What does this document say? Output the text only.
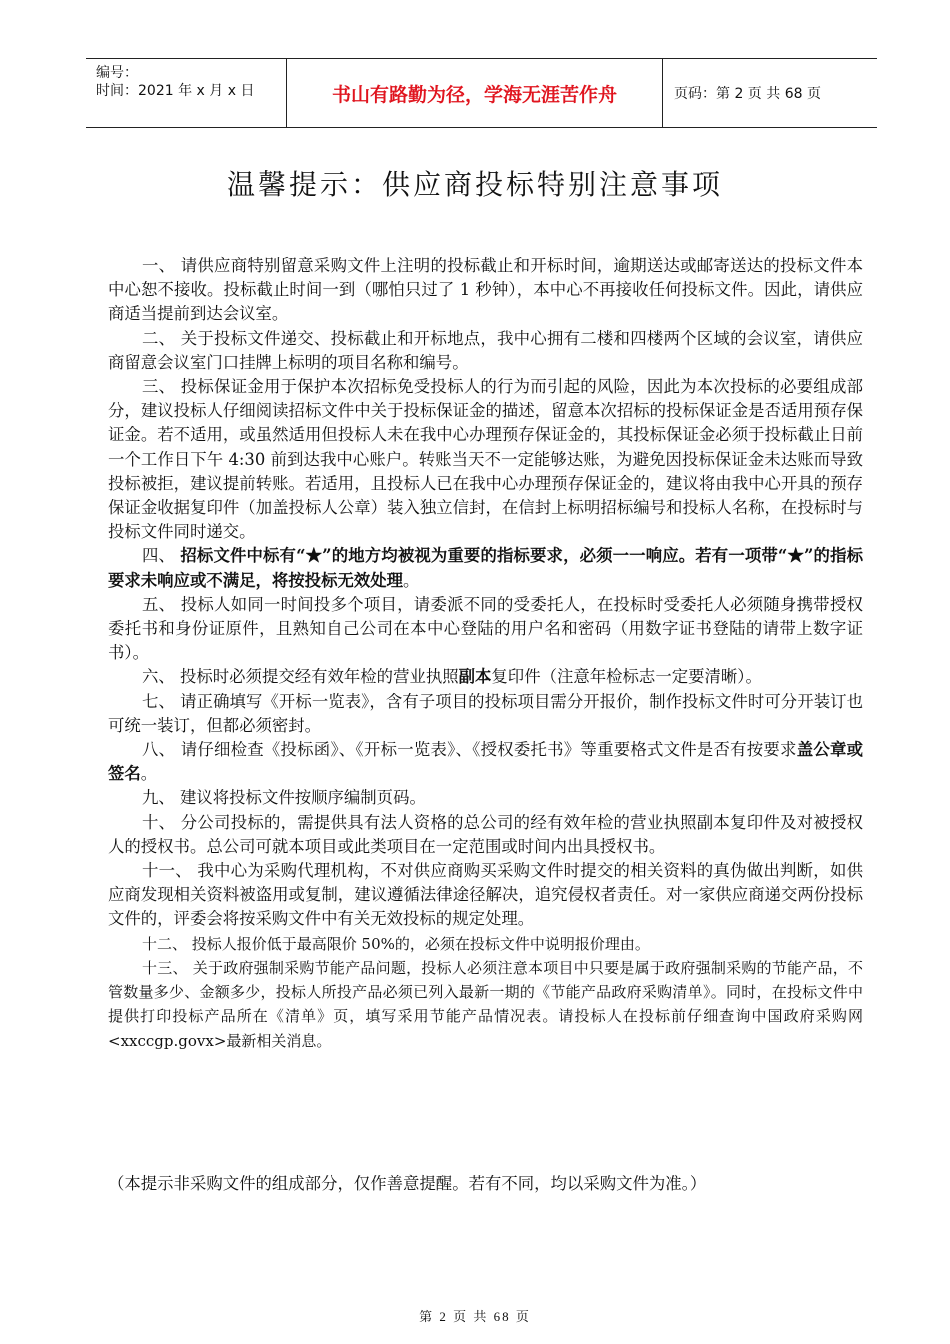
编号：
时间：2021 年 x 月 x 日	书山有路勤为径，学海无涯苦作舟	页码：第 2 页 共 68 页
温馨提示：供应商投标特别注意事项

一、 请供应商特别留意采购文件上注明的投标截止和开标时间，逾期送达或邮寄送达的投标文件本中心恕不接收。投标截止时间一到（哪怕只过了 1 秒钟），本中心不再接收任何投标文件。因此，请供应商适当提前到达会议室。

二、 关于投标文件递交、投标截止和开标地点，我中心拥有二楼和四楼两个区域的会议室，请供应商留意会议室门口挂牌上标明的项目名称和编号。

三、 投标保证金用于保护本次招标免受投标人的行为而引起的风险，因此为本次投标的必要组成部分，建议投标人仔细阅读招标文件中关于投标保证金的描述，留意本次招标的投标保证金是否适用预存保证金。若不适用，或虽然适用但投标人未在我中心办理预存保证金的，其投标保证金必须于投标截止日前一个工作日下午 4:30 前到达我中心账户。转账当天不一定能够达账，为避免因投标保证金未达账而导致投标被拒，建议提前转账。若适用，且投标人已在我中心办理预存保证金的，建议将由我中心开具的预存保证金收据复印件（加盖投标人公章）装入独立信封，在信封上标明招标编号和投标人名称，在投标时与投标文件同时递交。

四、 招标文件中标有“★”的地方均被视为重要的指标要求，必须一一响应。若有一项带“★”的指标要求未响应或不满足，将按投标无效处理。

五、 投标人如同一时间投多个项目，请委派不同的受委托人，在投标时受委托人必须随身携带授权委托书和身份证原件，且熟知自己公司在本中心登陆的用户名和密码（用数字证书登陆的请带上数字证书）。

六、 投标时必须提交经有效年检的营业执照副本复印件（注意年检标志一定要清晰）。

七、 请正确填写《开标一览表》，含有子项目的投标项目需分开报价，制作投标文件时可分开装订也可统一装订，但都必须密封。

八、 请仔细检查《投标函》、《开标一览表》、《授权委托书》等重要格式文件是否有按要求盖公章或签名。

九、 建议将投标文件按顺序编制页码。

十、 分公司投标的，需提供具有法人资格的总公司的经有效年检的营业执照副本复印件及对被授权人的授权书。总公司可就本项目或此类项目在一定范围或时间内出具授权书。

十一、 我中心为采购代理机构，不对供应商购买采购文件时提交的相关资料的真伪做出判断，如供应商发现相关资料被盗用或复制，建议遵循法律途径解决，追究侵权者责任。对一家供应商递交两份投标文件的，评委会将按采购文件中有关无效投标的规定处理。

十二、 投标人报价低于最高限价 50%的，必须在投标文件中说明报价理由。

十三、 关于政府强制采购节能产品问题，投标人必须注意本项目中只要是属于政府强制采购的节能产品，不管数量多少、金额多少，投标人所投产品必须已列入最新一期的《节能产品政府采购清单》。同时，在投标文件中提供打印投标产品所在《清单》页，填写采用节能产品情况表。请投标人在投标前仔细查询中国政府采购网<xxccgp.govx>最新相关消息。

（本提示非采购文件的组成部分，仅作善意提醒。若有不同，均以采购文件为准。）
第 2 页 共 68 页
